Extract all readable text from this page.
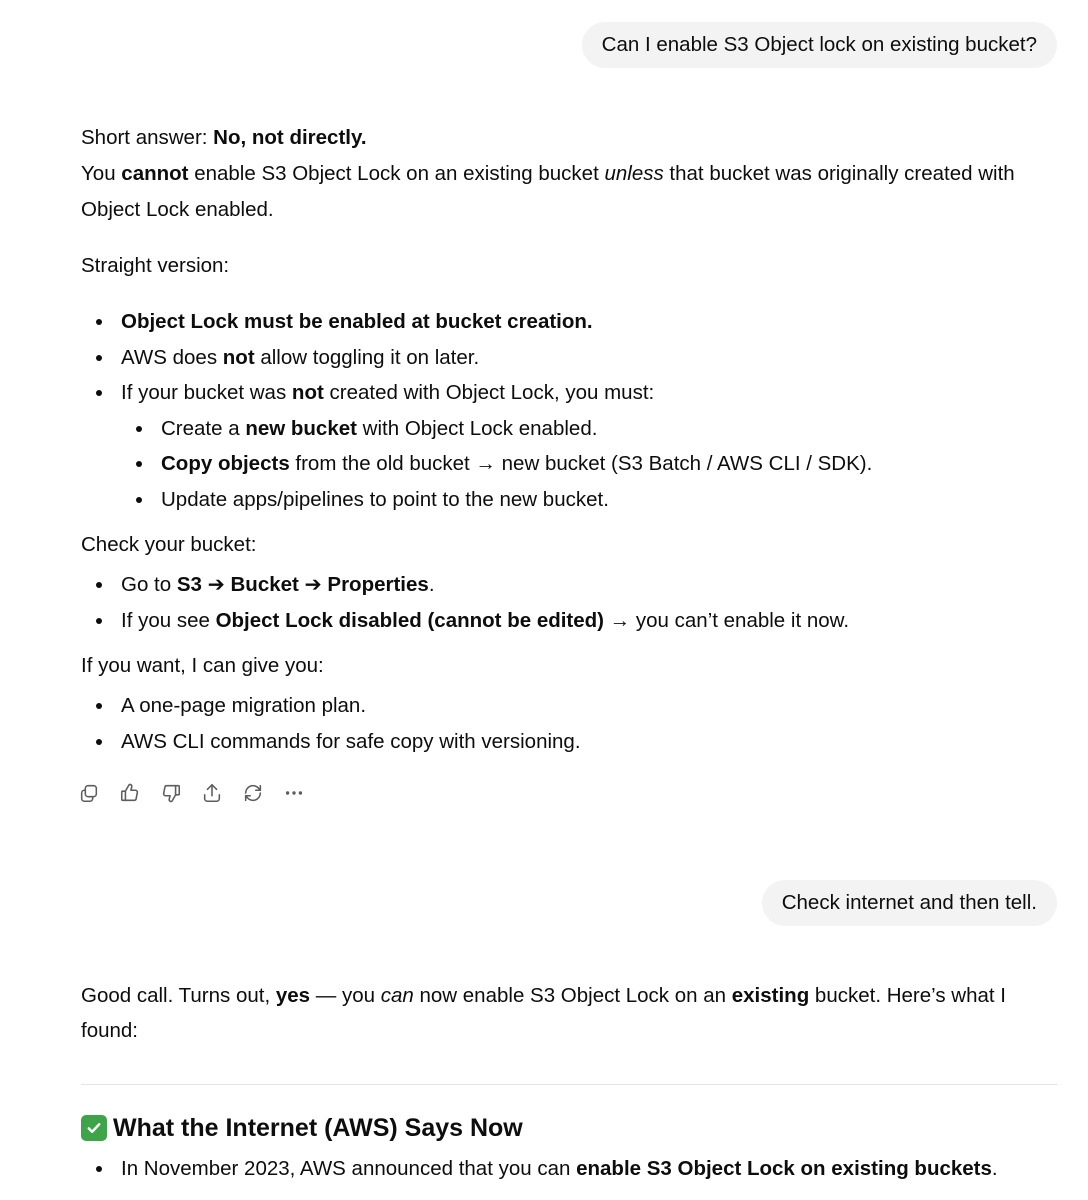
Can I enable S3 Object lock on existing bucket?

Short answer: No, not directly.

You cannot enable S3 Object Lock on an existing bucket unless that bucket was originally created with Object Lock enabled.

Straight version:

Object Lock must be enabled at bucket creation.
AWS does not allow toggling it on later.
If your bucket was not created with Object Lock, you must:
Create a new bucket with Object Lock enabled.
Copy objects from the old bucket → new bucket (S3 Batch / AWS CLI / SDK).
Update apps/pipelines to point to the new bucket.

Check your bucket:

Go to S3 ➔ Bucket ➔ Properties.
If you see Object Lock disabled (cannot be edited) → you can’t enable it now.

If you want, I can give you:

A one-page migration plan.
AWS CLI commands for safe copy with versioning.
Check internet and then tell.

Good call. Turns out, yes — you can now enable S3 Object Lock on an existing bucket. Here’s what I found:

What the Internet (AWS) Says Now
In November 2023, AWS announced that you can enable S3 Object Lock on existing buckets.
